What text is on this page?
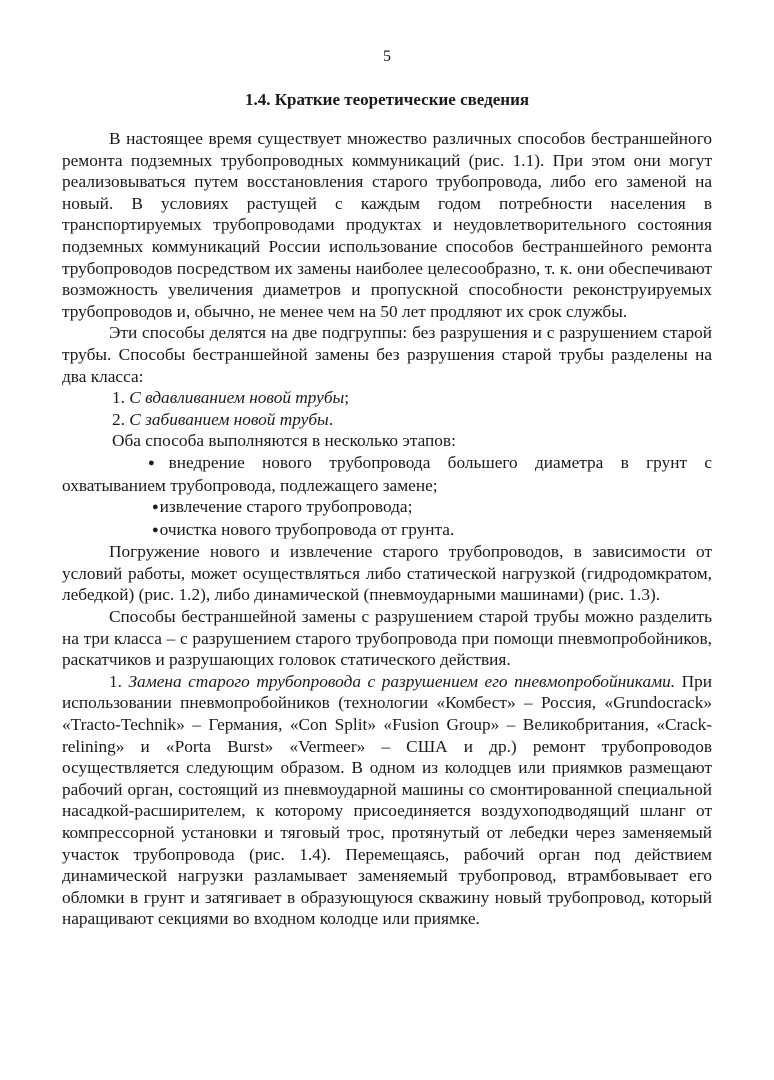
5
1.4. Краткие теоретические сведения

В настоящее время существует множество различных способов бестраншейного ремонта подземных трубопроводных коммуникаций (рис. 1.1). При этом они могут реализовываться путем восстановления старого трубопровода, либо его заменой на новый. В условиях растущей с каждым годом потребности населения в транспортируемых трубопроводами продуктах и неудовлетворительного состояния подземных коммуникаций России использование способов бестраншейного ремонта трубопроводов посредством их замены наиболее целесообразно, т. к. они обеспечивают возможность увеличения диаметров и пропускной способности реконструируемых трубопроводов и, обычно, не менее чем на 50 лет продляют их срок службы.

Эти способы делятся на две подгруппы: без разрушения и с разрушением старой трубы. Способы бестраншейной замены без разрушения старой трубы разделены на два класса:

1. С вдавливанием новой трубы;

2. С забиванием новой трубы.

Оба способа выполняются в несколько этапов:

●внедрение нового трубопровода большего диаметра в грунт с охватыванием трубопровода, подлежащего замене;

●извлечение старого трубопровода;

●очистка нового трубопровода от грунта.

Погружение нового и извлечение старого трубопроводов, в зависимости от условий работы, может осуществляться либо статической нагрузкой (гидродомкратом, лебедкой) (рис. 1.2), либо динамической (пневмоударными машинами) (рис. 1.3).

Способы бестраншейной замены с разрушением старой трубы можно разделить на три класса – с разрушением старого трубопровода при помощи пневмопробойников, раскатчиков и разрушающих головок статического действия.

1. Замена старого трубопровода с разрушением его пневмопробойниками. При использовании пневмопробойников (технологии «Комбест» – Россия, «Grundocrack» «Tracto-Technik» – Германия, «Con Split» «Fusion Group» – Великобритания, «Crack-relining» и «Porta Burst» «Vermeer» – США и др.) ремонт трубопроводов осуществляется следующим образом. В одном из колодцев или приямков размещают рабочий орган, состоящий из пневмоударной машины со смонтированной специальной насадкой-расширителем, к которому присоединяется воздухоподводящий шланг от компрессорной установки и тяговый трос, протянутый от лебедки через заменяемый участок трубопровода (рис. 1.4). Перемещаясь, рабочий орган под действием динамической нагрузки разламывает заменяемый трубопровод, втрамбовывает его обломки в грунт и затягивает в образующуюся скважину новый трубопровод, который наращивают секциями во входном колодце или приямке.
